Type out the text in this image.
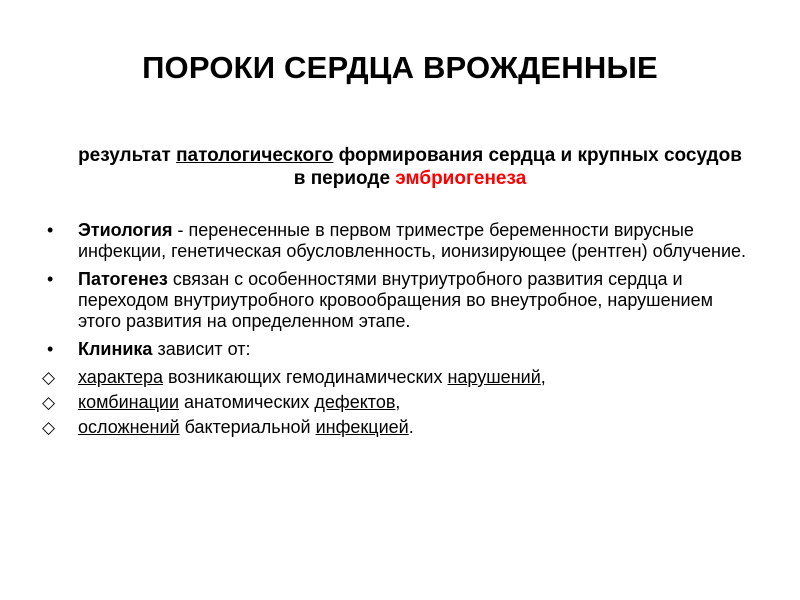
ПОРОКИ СЕРДЦА ВРОЖДЕННЫЕ
результат патологического формирования сердца и крупных сосудов в периоде эмбриогенеза
• Этиология - перенесенные в первом триместре беременности вирусные инфекции, генетическая обусловленность, ионизирующее (рентген) облучение.
• Патогенез связан с особенностями внутриутробного развития сердца и переходом внутриутробного кровообращения во внеутробное, нарушением этого развития на определенном этапе.
• Клиника зависит от:
◇ характера возникающих гемодинамических нарушений,
◇ комбинации анатомических дефектов,
◇ осложнений бактериальной инфекцией.
